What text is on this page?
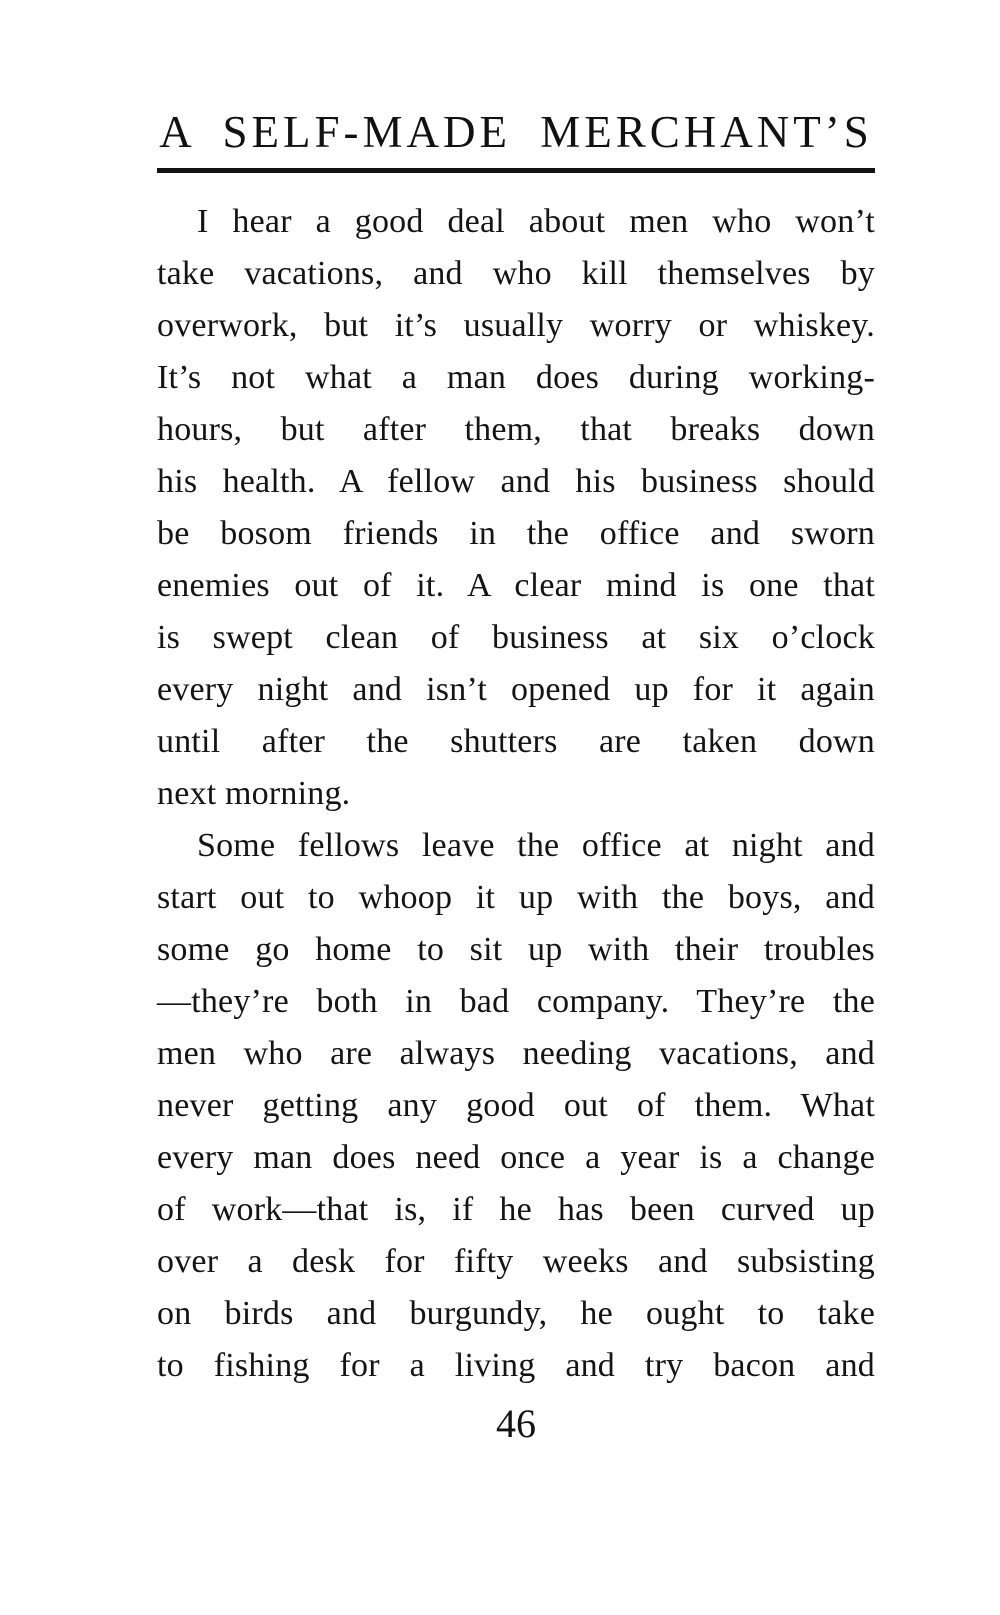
A SELF-MADE MERCHANT’S
I hear a good deal about men who won’t
take vacations, and who kill themselves by
overwork, but it’s usually worry or whiskey.
It’s not what a man does during working-
hours, but after them, that breaks down
his health. A fellow and his business should
be bosom friends in the office and sworn
enemies out of it. A clear mind is one that
is swept clean of business at six o’clock
every night and isn’t opened up for it again
until after the shutters are taken down
next morning.
Some fellows leave the office at night and
start out to whoop it up with the boys, and
some go home to sit up with their troubles
—they’re both in bad company. They’re the
men who are always needing vacations, and
never getting any good out of them. What
every man does need once a year is a change
of work—that is, if he has been curved up
over a desk for fifty weeks and subsisting
on birds and burgundy, he ought to take
to fishing for a living and try bacon and
46
